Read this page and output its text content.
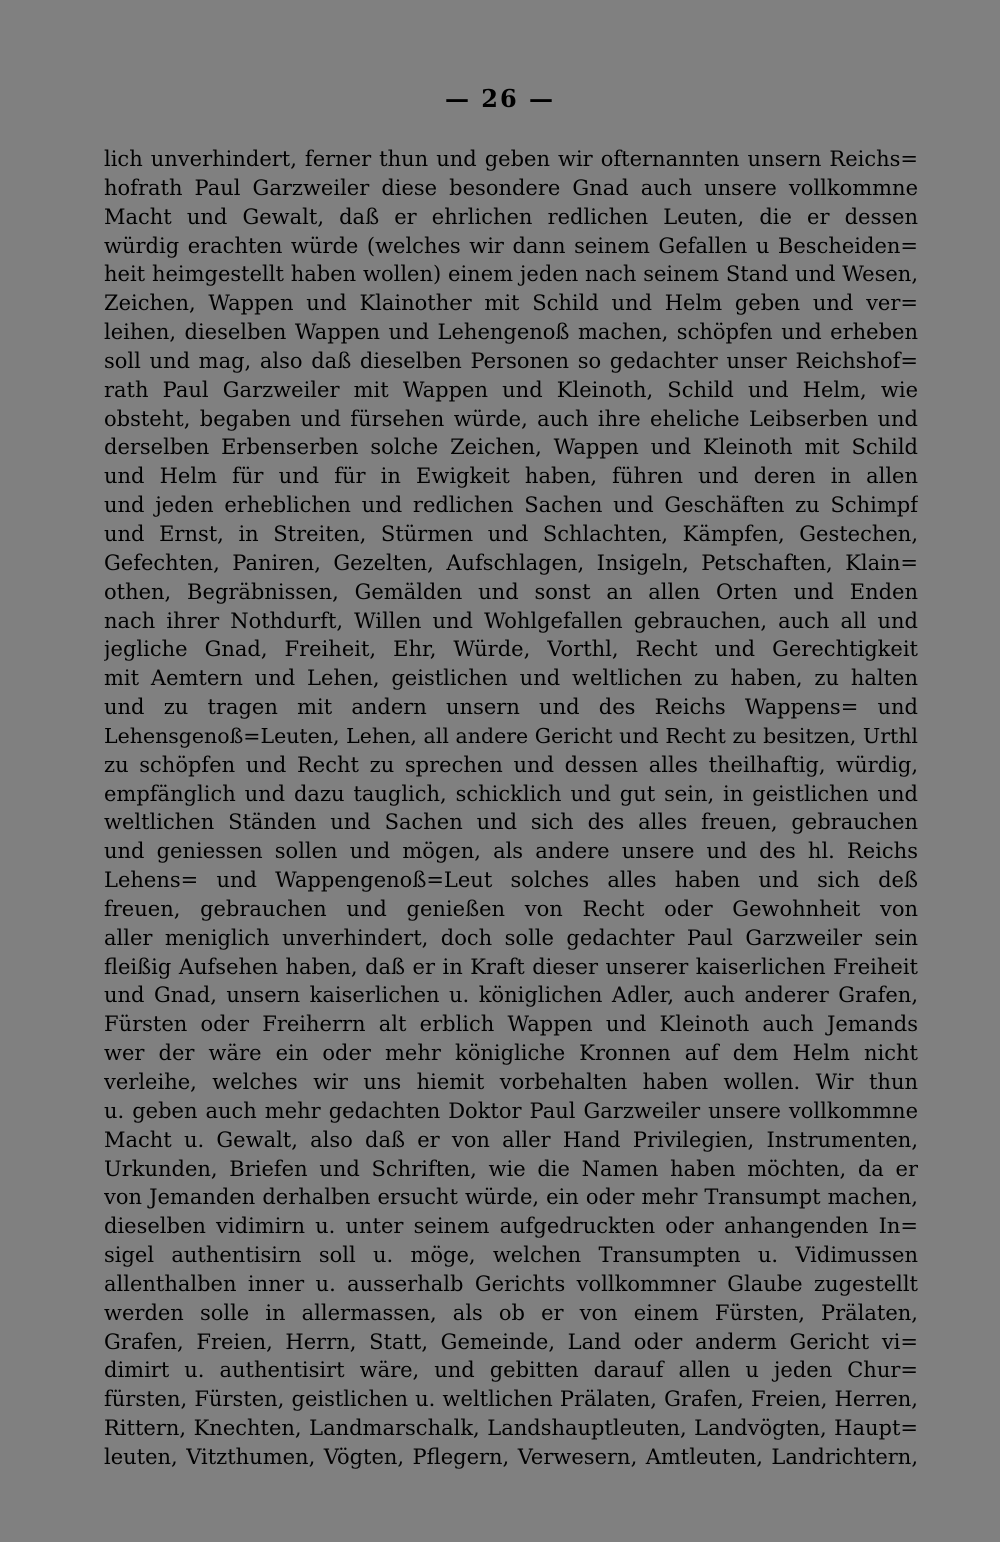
— 26 —
lich unverhindert, ferner thun und geben wir ofternannten unsern Reichs=
hofrath Paul Garzweiler diese besondere Gnad auch unsere vollkommne
Macht und Gewalt, daß er ehrlichen redlichen Leuten, die er dessen
würdig erachten würde (welches wir dann seinem Gefallen u Bescheiden=
heit heimgestellt haben wollen) einem jeden nach seinem Stand und Wesen,
Zeichen, Wappen und Klainother mit Schild und Helm geben und ver=
leihen, dieselben Wappen und Lehengenoß machen, schöpfen und erheben
soll und mag, also daß dieselben Personen so gedachter unser Reichshof=
rath Paul Garzweiler mit Wappen und Kleinoth, Schild und Helm, wie
obsteht, begaben und fürsehen würde, auch ihre eheliche Leibserben und
derselben Erbenserben solche Zeichen, Wappen und Kleinoth mit Schild
und Helm für und für in Ewigkeit haben, führen und deren in allen
und jeden erheblichen und redlichen Sachen und Geschäften zu Schimpf
und Ernst, in Streiten, Stürmen und Schlachten, Kämpfen, Gestechen,
Gefechten, Paniren, Gezelten, Aufschlagen, Insigeln, Petschaften, Klain=
othen, Begräbnissen, Gemälden und sonst an allen Orten und Enden
nach ihrer Nothdurft, Willen und Wohlgefallen gebrauchen, auch all und
jegliche Gnad, Freiheit, Ehr, Würde, Vorthl, Recht und Gerechtigkeit
mit Aemtern und Lehen, geistlichen und weltlichen zu haben, zu halten
und zu tragen mit andern unsern und des Reichs Wappens= und
Lehensgenoß=Leuten, Lehen, all andere Gericht und Recht zu besitzen, Urthl
zu schöpfen und Recht zu sprechen und dessen alles theilhaftig, würdig,
empfänglich und dazu tauglich, schicklich und gut sein, in geistlichen und
weltlichen Ständen und Sachen und sich des alles freuen, gebrauchen
und geniessen sollen und mögen, als andere unsere und des hl. Reichs
Lehens= und Wappengenoß=Leut solches alles haben und sich deß
freuen, gebrauchen und genießen von Recht oder Gewohnheit von
aller meniglich unverhindert, doch solle gedachter Paul Garzweiler sein
fleißig Aufsehen haben, daß er in Kraft dieser unserer kaiserlichen Freiheit
und Gnad, unsern kaiserlichen u. königlichen Adler, auch anderer Grafen,
Fürsten oder Freiherrn alt erblich Wappen und Kleinoth auch Jemands
wer der wäre ein oder mehr königliche Kronnen auf dem Helm nicht
verleihe, welches wir uns hiemit vorbehalten haben wollen. Wir thun
u. geben auch mehr gedachten Doktor Paul Garzweiler unsere vollkommne
Macht u. Gewalt, also daß er von aller Hand Privilegien, Instrumenten,
Urkunden, Briefen und Schriften, wie die Namen haben möchten, da er
von Jemanden derhalben ersucht würde, ein oder mehr Transumpt machen,
dieselben vidimirn u. unter seinem aufgedruckten oder anhangenden In=
sigel authentisirn soll u. möge, welchen Transumpten u. Vidimussen
allenthalben inner u. ausserhalb Gerichts vollkommner Glaube zugestellt
werden solle in allermassen, als ob er von einem Fürsten, Prälaten,
Grafen, Freien, Herrn, Statt, Gemeinde, Land oder anderm Gericht vi=
dimirt u. authentisirt wäre, und gebitten darauf allen u jeden Chur=
fürsten, Fürsten, geistlichen u. weltlichen Prälaten, Grafen, Freien, Herren,
Rittern, Knechten, Landmarschalk, Landshauptleuten, Landvögten, Haupt=
leuten, Vitzthumen, Vögten, Pflegern, Verwesern, Amtleuten, Landrichtern,
